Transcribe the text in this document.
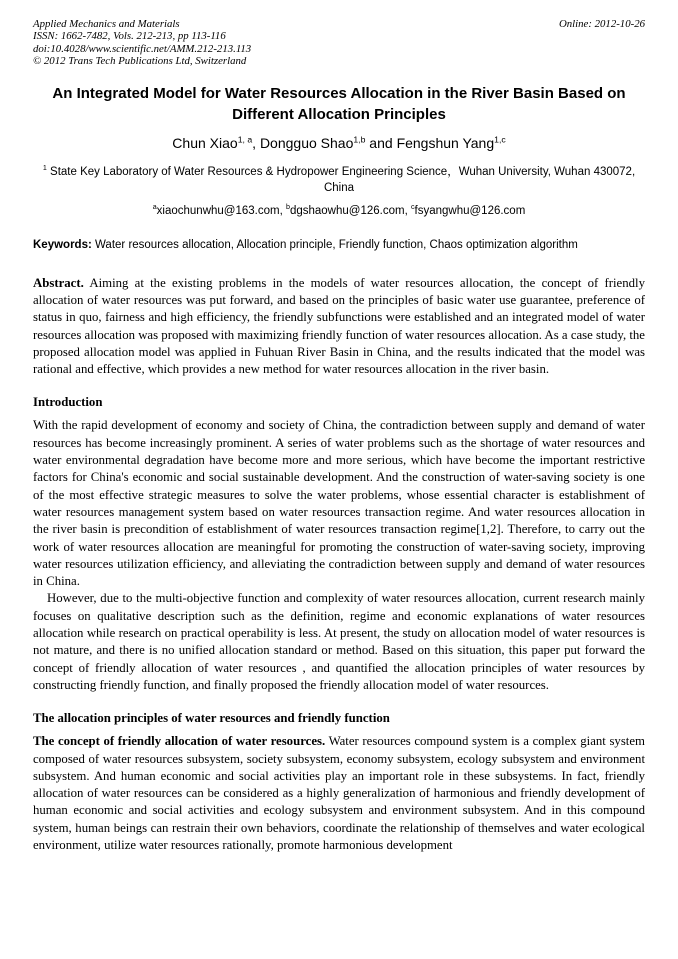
Applied Mechanics and Materials
ISSN: 1662-7482, Vols. 212-213, pp 113-116
doi:10.4028/www.scientific.net/AMM.212-213.113
© 2012 Trans Tech Publications Ltd, Switzerland
Online: 2012-10-26
An Integrated Model for Water Resources Allocation in the River Basin Based on Different Allocation Principles
Chun Xiao$^{1, a}$, Dongguo Shao$^{1,b}$ and Fengshun Yang$^{1,c}$
$^1$ State Key Laboratory of Water Resources & Hydropower Engineering Science，Wuhan University, Wuhan 430072, China
$^a$xiaochunwhu@163.com, $^b$dgshaowhu@126.com, $^c$fsyangwhu@126.com

Keywords: Water resources allocation, Allocation principle, Friendly function, Chaos optimization algorithm

Abstract. Aiming at the existing problems in the models of water resources allocation, the concept of friendly allocation of water resources was put forward, and based on the principles of basic water use guarantee, preference of status in quo, fairness and high efficiency, the friendly subfunctions were established and an integrated model of water resources allocation was proposed with maximizing friendly function of water resources allocation. As a case study, the proposed allocation model was applied in Fuhuan River Basin in China, and the results indicated that the model was rational and effective, which provides a new method for water resources allocation in the river basin.

Introduction

With the rapid development of economy and society of China, the contradiction between supply and demand of water resources has become increasingly prominent. A series of water problems such as the shortage of water resources and water environmental degradation have become more and more serious, which have become the important restrictive factors for China's economic and social sustainable development. And the construction of water-saving society is one of the most effective strategic measures to solve the water problems, whose essential character is establishment of water resources management system based on water resources transaction regime. And water resources allocation in the river basin is precondition of establishment of water resources transaction regime[1,2]. Therefore, to carry out the work of water resources allocation are meaningful for promoting the construction of water-saving society, improving water resources utilization efficiency, and alleviating the contradiction between supply and demand of water resources in China.

However, due to the multi-objective function and complexity of water resources allocation, current research mainly focuses on qualitative description such as the definition, regime and economic explanations of water resources allocation while research on practical operability is less. At present, the study on allocation model of water resources is not mature, and there is no unified allocation standard or method. Based on this situation, this paper put forward the concept of friendly allocation of water resources , and quantified the allocation principles of water resources by constructing friendly function, and finally proposed the friendly allocation model of water resources.

The allocation principles of water resources and friendly function

The concept of friendly allocation of water resources. Water resources compound system is a complex giant system composed of water resources subsystem, society subsystem, economy subsystem, ecology subsystem and environment subsystem. And human economic and social activities play an important role in these subsystems. In fact, friendly allocation of water resources can be considered as a highly generalization of harmonious and friendly development of human economic and social activities and ecology subsystem and environment subsystem. And in this compound system, human beings can restrain their own behaviors, coordinate the relationship of themselves and water ecological environment, utilize water resources rationally, promote harmonious development
